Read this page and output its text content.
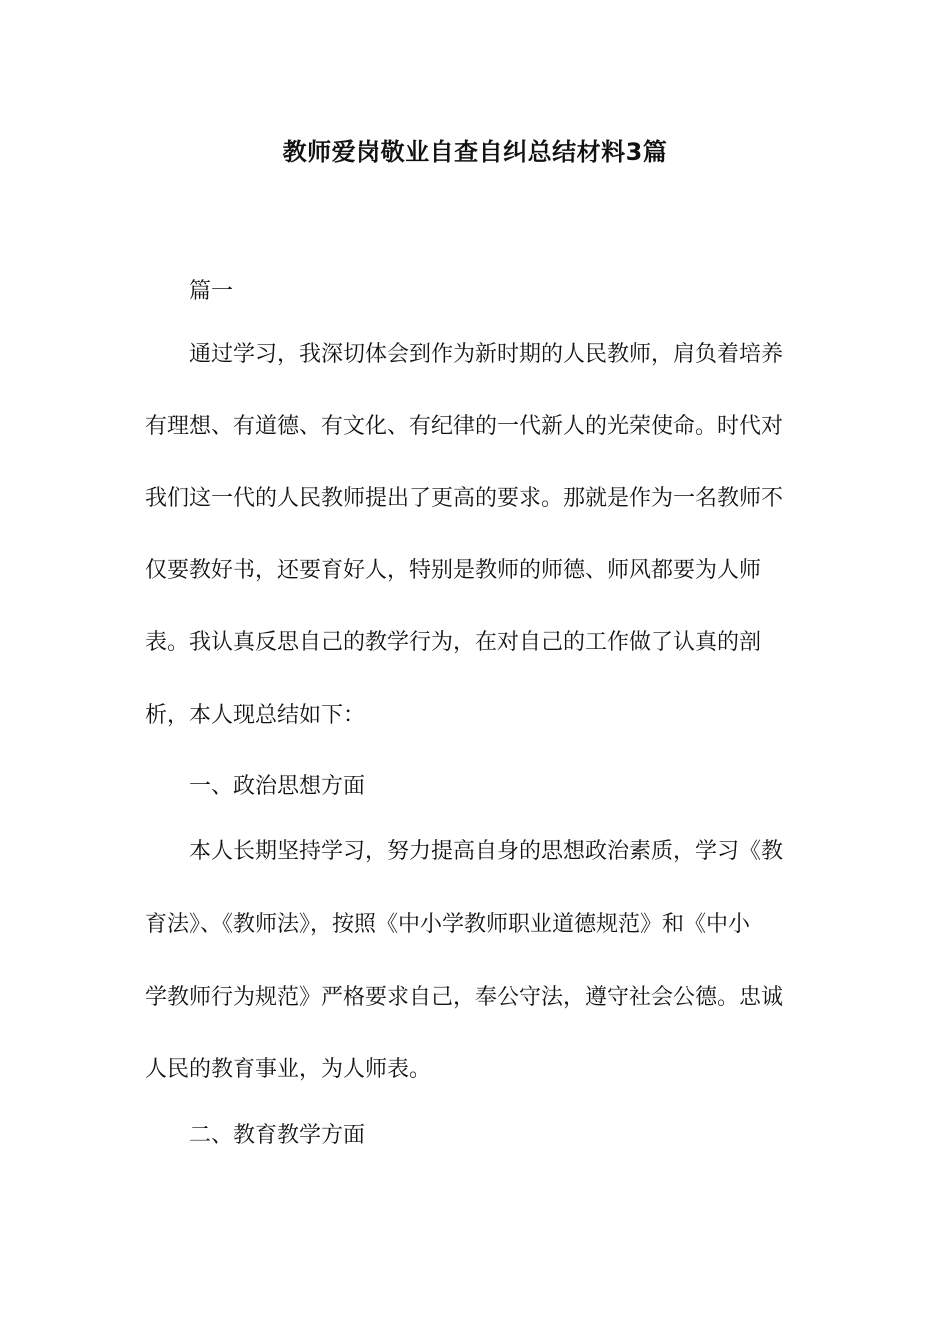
教师爱岗敬业自查自纠总结材料3篇
篇一
通过学习，我深切体会到作为新时期的人民教师，肩负着培养
有理想、有道德、有文化、有纪律的一代新人的光荣使命。时代对
我们这一代的人民教师提出了更高的要求。那就是作为一名教师不
仅要教好书，还要育好人，特别是教师的师德、师风都要为人师
表。我认真反思自己的教学行为，在对自己的工作做了认真的剖
析，本人现总结如下：
一、政治思想方面
本人长期坚持学习，努力提高自身的思想政治素质，学习《教
育法》、《教师法》，按照《中小学教师职业道德规范》和《中小
学教师行为规范》严格要求自己，奉公守法，遵守社会公德。忠诚
人民的教育事业，为人师表。
二、教育教学方面
